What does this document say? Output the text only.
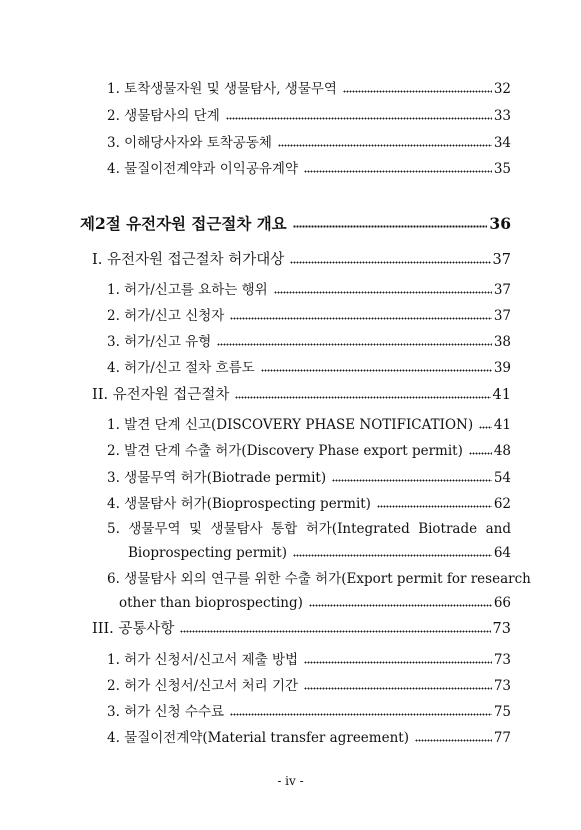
1. 토착생물자원 및 생물탐사, 생물무역	32
2. 생물탐사의 단계	33
3. 이해당사자와 토착공동체	34
4. 물질이전계약과 이익공유계약	35
제2절 유전자원 접근절차 개요	36
I. 유전자원 접근절차 허가대상	37
1. 허가/신고를 요하는 행위	37
2. 허가/신고 신청자	37
3. 허가/신고 유형	38
4. 허가/신고 절차 흐름도	39
II. 유전자원 접근절차	41
1. 발견 단계 신고(DISCOVERY PHASE NOTIFICATION) 41
2. 발견 단계 수출 허가(Discovery Phase export permit) 48
3. 생물무역 허가(Biotrade permit)	54
4. 생물탐사 허가(Bioprospecting permit)	62
5. 생물무역 및 생물탐사 통합 허가(Integrated Biotrade and
Bioprospecting permit)	64
6. 생물탐사 외의 연구를 위한 수출 허가(Export permit for research
other than bioprospecting)	66
III. 공통사항	73
1. 허가 신청서/신고서 제출 방법	73
2. 허가 신청서/신고서 처리 기간	73
3. 허가 신청 수수료	75
4. 물질이전계약(Material transfer agreement)	77
- iv -
